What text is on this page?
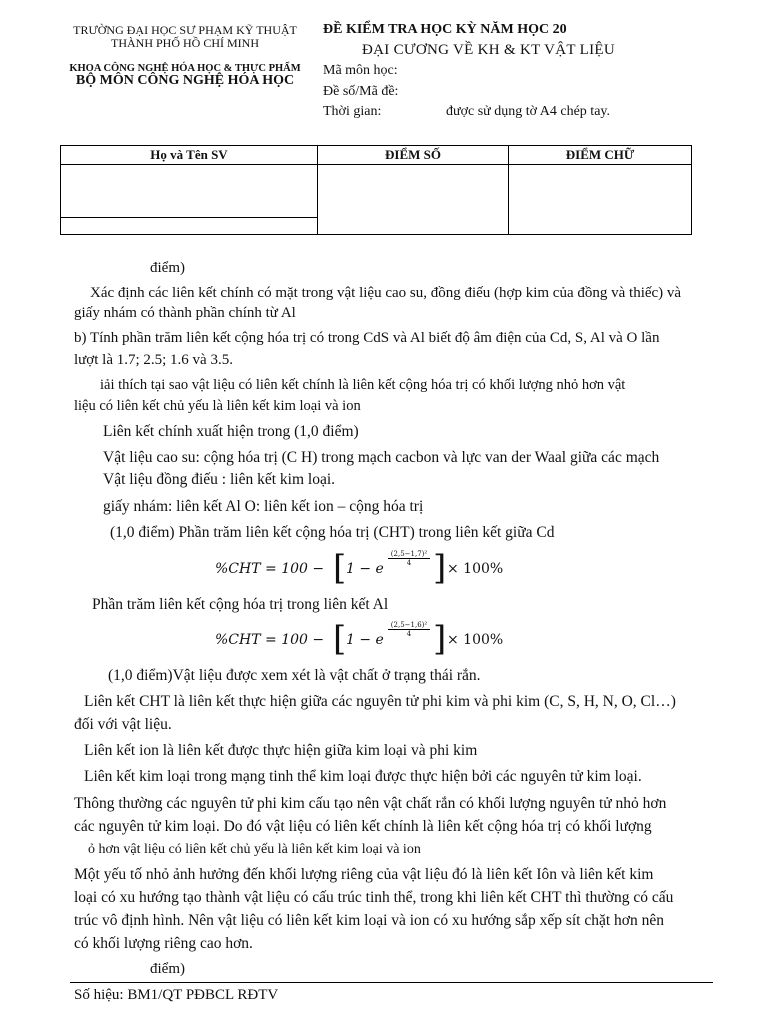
TRƯỜNG ĐẠI HỌC SƯ PHẠM KỸ THUẬT
THÀNH PHỐ HỒ CHÍ MINH
KHOA CÔNG NGHỆ HÓA HỌC & THỰC PHẨM
BỘ MÔN CÔNG NGHỆ HÓA HỌC
ĐỀ KIỂM TRA HỌC KỲ NĂM HỌC 20
ĐẠI CƯƠNG VỀ KH & KT VẬT LIỆU
Mã môn học:
Đề số/Mã đề:
Thời gian:	được sử dụng tờ A4 chép tay.
Họ và Tên SV	ĐIỂM SỐ	ĐIỂM CHỮ

điểm)
Xác định các liên kết chính có mặt trong vật liệu cao su, đồng điếu (hợp kim của đồng và thiếc) và
giấy nhám có thành phần chính từ Al
b) Tính phần trăm liên kết cộng hóa trị có trong CdS và Al biết độ âm điện của Cd, S, Al và O lần
lượt là 1.7; 2.5; 1.6 và 3.5.
iải thích tại sao vật liệu có liên kết chính là liên kết cộng hóa trị có khối lượng nhỏ hơn vật
liệu có liên kết chủ yếu là liên kết kim loại và ion
Liên kết chính xuất hiện trong (1,0 điểm)
Vật liệu cao su: cộng hóa trị (C H) trong mạch cacbon và lực van der Waal giữa các mạch
Vật liệu đồng điếu : liên kết kim loại.
giấy nhám: liên kết Al O: liên kết ion – cộng hóa trị
(1,0 điểm) Phần trăm liên kết cộng hóa trị (CHT) trong liên kết giữa Cd
%CHT = 100 − [ 1 − e
$\frac{\text{(2,5−1,7)²}}{4}$ ] × 100%
Phần trăm liên kết cộng hóa trị trong liên kết Al
%CHT = 100 − [ 1 − e
$\frac{\text{(2,5−1,6)²}}{4}$ ] × 100%
(1,0 điểm)Vật liệu được xem xét là vật chất ở trạng thái rắn.
Liên kết CHT là liên kết thực hiện giữa các nguyên tử phi kim và phi kim (C, S, H, N, O, Cl…)
đối với vật liệu.
Liên kết ion là liên kết được thực hiện giữa kim loại và phi kim
Liên kết kim loại trong mạng tinh thể kim loại được thực hiện bởi các nguyên tử kim loại.
Thông thường các nguyên tử phi kim cấu tạo nên vật chất rắn có khối lượng nguyên tử nhỏ hơn
các nguyên tử kim loại. Do đó vật liệu có liên kết chính là liên kết cộng hóa trị có khối lượng
ỏ hơn vật liệu có liên kết chủ yếu là liên kết kim loại và ion
Một yếu tố nhỏ ảnh hưởng đến khối lượng riêng của vật liệu đó là liên kết Iôn và liên kết kim
loại có xu hướng tạo thành vật liệu có cấu trúc tinh thể, trong khi liên kết CHT thì thường có cấu
trúc vô định hình. Nên vật liệu có liên kết kim loại và ion có xu hướng sắp xếp sít chặt hơn nên
có khối lượng riêng cao hơn.
điểm)
Số hiệu: BM1/QT PĐBCL RĐTV
